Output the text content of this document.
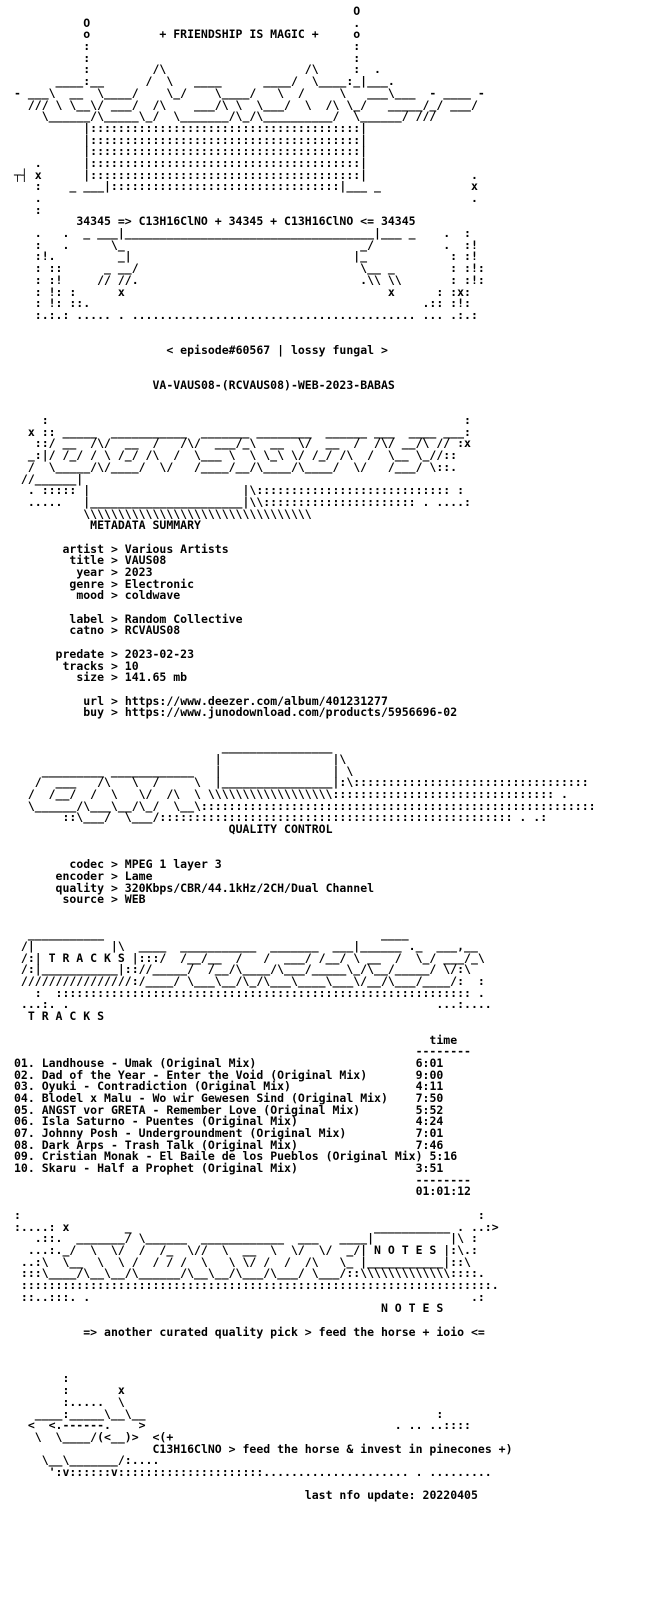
O
O                                      .
o          + FRIENDSHIP IS MAGIC +     o
:                                      :
:                                      :
:         /\                    /\     :  .
____:__      /  \   ____      ____/  \____:_|___.
- ___\  __  \____/    \_/    \____/   \  /     \   ___\___  - ____ -
/// \ \__\/ ___/  /\    ___/\ \  \___/  \  /\ \_/   _____/_/ ___/
\______/\_____\_/  \_______/\_/\__________/  \______/ ///
|:::::::::::::::::::::::::::::::::::::::|
|:::::::::::::::::::::::::::::::::::::::|
|:::::::::::::::::::::::::::::::::::::::|
.      |:::::::::::::::::::::::::::::::::::::::|
┬┤ x      |:::::::::::::::::::::::::::::::::::::::|               .
:    _ ___|:::::::::::::::::::::::::::::::::|___ _             x
.                                                              .
:
34345 => C13H16ClNO + 34345 + C13H16ClNO <= 34345
.   .  _ ___|____________________________________|___ _    .  :
:   .      \_                                  _/          .  :!
:!.         _|                                |_            : :!
: ::      _ __/                                \__ _        : :!:
: :!     // //.                                .\\ \\       : :!:
: !: :      x                                      x      : :x:
: !: ::.                                                .:: :!:
:.:.: ..... . ......................................... ... .:.:
< episode#60567 | lossy fungal >
VA-VAUS08-(RCVAUS08)-WEB-2023-BABAS
:                                                            :
x :: _____  ___________  _______ ________  ______ ___  ____ ___:
::/ __  /\/  __  /   /\/  ___/_\  __  \/  __  /  /\/ __/\ // :x
_:|/ /_/ / \ /_/ /\  /  \___ \  \ \_\ \/ /_/ /\  /  \__ \_//::
/  \_____/\/____/  \/   /____/__/\____/\____/  \/   /___/ \::.
//______|
. ::::: |                      |\:::::::::::::::::::::::::::: :
.....   |______________________|\\:::::::::::::::::::::: . ....:
\\\\\\\\\\\\\\\\\\\\\\\\\\\\\\\\\
METADATA SUMMARY
artist > Various Artists
title > VAUS08
year > 2023
genre > Electronic
mood > coldwave
label > Random Collective
catno > RCVAUS08
predate > 2023-02-23
tracks > 10
size > 141.65 mb
url > https://www.deezer.com/album/401231277
buy > https://www.junodownload.com/products/5956696-02
________________
|                |\
_________ ____________   |                | \
/  ___   /\   \  /     \  |________________|:\::::::::::::::::::::::::::::::::::
/  /__/  /  \   \/  /\  \ \\\\\\\\\\\\\\\\\\:::::::::::::::::::::::::::::::: .
\______/\___\__/\_/  \__\:::::::::::::::::::::::::::::::::::::::::::::::::::::::::
::\___/  \___/::::::::::::::::::::::::::::::::::::::::::::::::::: . .:
QUALITY CONTROL
codec > MPEG 1 layer 3
encoder > Lame
quality > 320Kbps/CBR/44.1kHz/2CH/Dual Channel
source > WEB
___________                                        ____
/|           |\  ____  ___________  _______  ___|______ ._  ___,__
/:| T R A C K S |:::/  /__/__  /   /  ___/ /__/ \ __  /  \_/ ___/_\
/:|___________|:://_____/  /__/\____/\___/_____\_/\__/_____/ \/:\
////////////////:/____/ \___\__/\_/\___\____\___\/__/\___/____/:  :
:  :::::::::::::::::::::::::::::::::::::::::::::::::::::::::::: .
...:. .                                                     ...:....
T R A C K S
time
--------
01. Landhouse - Umak (Original Mix)	6:01
02. Dad of the Year - Enter the Void (Original Mix)	9:00
03. Oyuki - Contradiction (Original Mix)	4:11
04. Blodel x Malu - Wo wir Gewesen Sind (Original Mix) 7:50
05. ANGST vor GRETA - Remember Love (Original Mix)	5:52
06. Isla Saturno - Puentes (Original Mix)	4:24
07. Johnny Posh - Undergroundment (Original Mix)	7:01
08. Dark Arps - Trash Talk (Original Mix)	7:46
09. Cristian Monak - El Baile de los Pueblos (Original Mix) 5:16
10. Skaru - Half a Prophet (Original Mix)	3:51
--------
01:01:12
:                                                                  :
:....: x        _                                   ___________ . ..:>
.::.  _______/ \______  ____________  ___   ____|           |\ :
...:._/  \  \/  /  /_  \//  \  __  \  \/  \/  _/| N O T E S |:\.:
..:\  \__  \  \ /  / / /  \   \ \/ /  /  /\   \_ |___________|::\
:::\____/\__\__/\______/\__\__/\___/\___/ \___/::\\\\\\\\\\\\\::::.
::::::::::::::::::::::::::::::::::::::::::::::::::::::::::::::::::::.
::..:::. .                                                       .:
N O T E S
=> another curated quality pick > feed the horse + ioio <=
:
:       x
:.....  \
____:_____\__\__                                          :
<  <.------.    >                                    . .. ..::::
\  \____/(<__)>  <(+
C13H16ClNO > feed the horse & invest in pinecones +)
\__\_______/:....
':v::::::v:::::::::::::::::::::..................... . .........
last nfo update: 20220405
